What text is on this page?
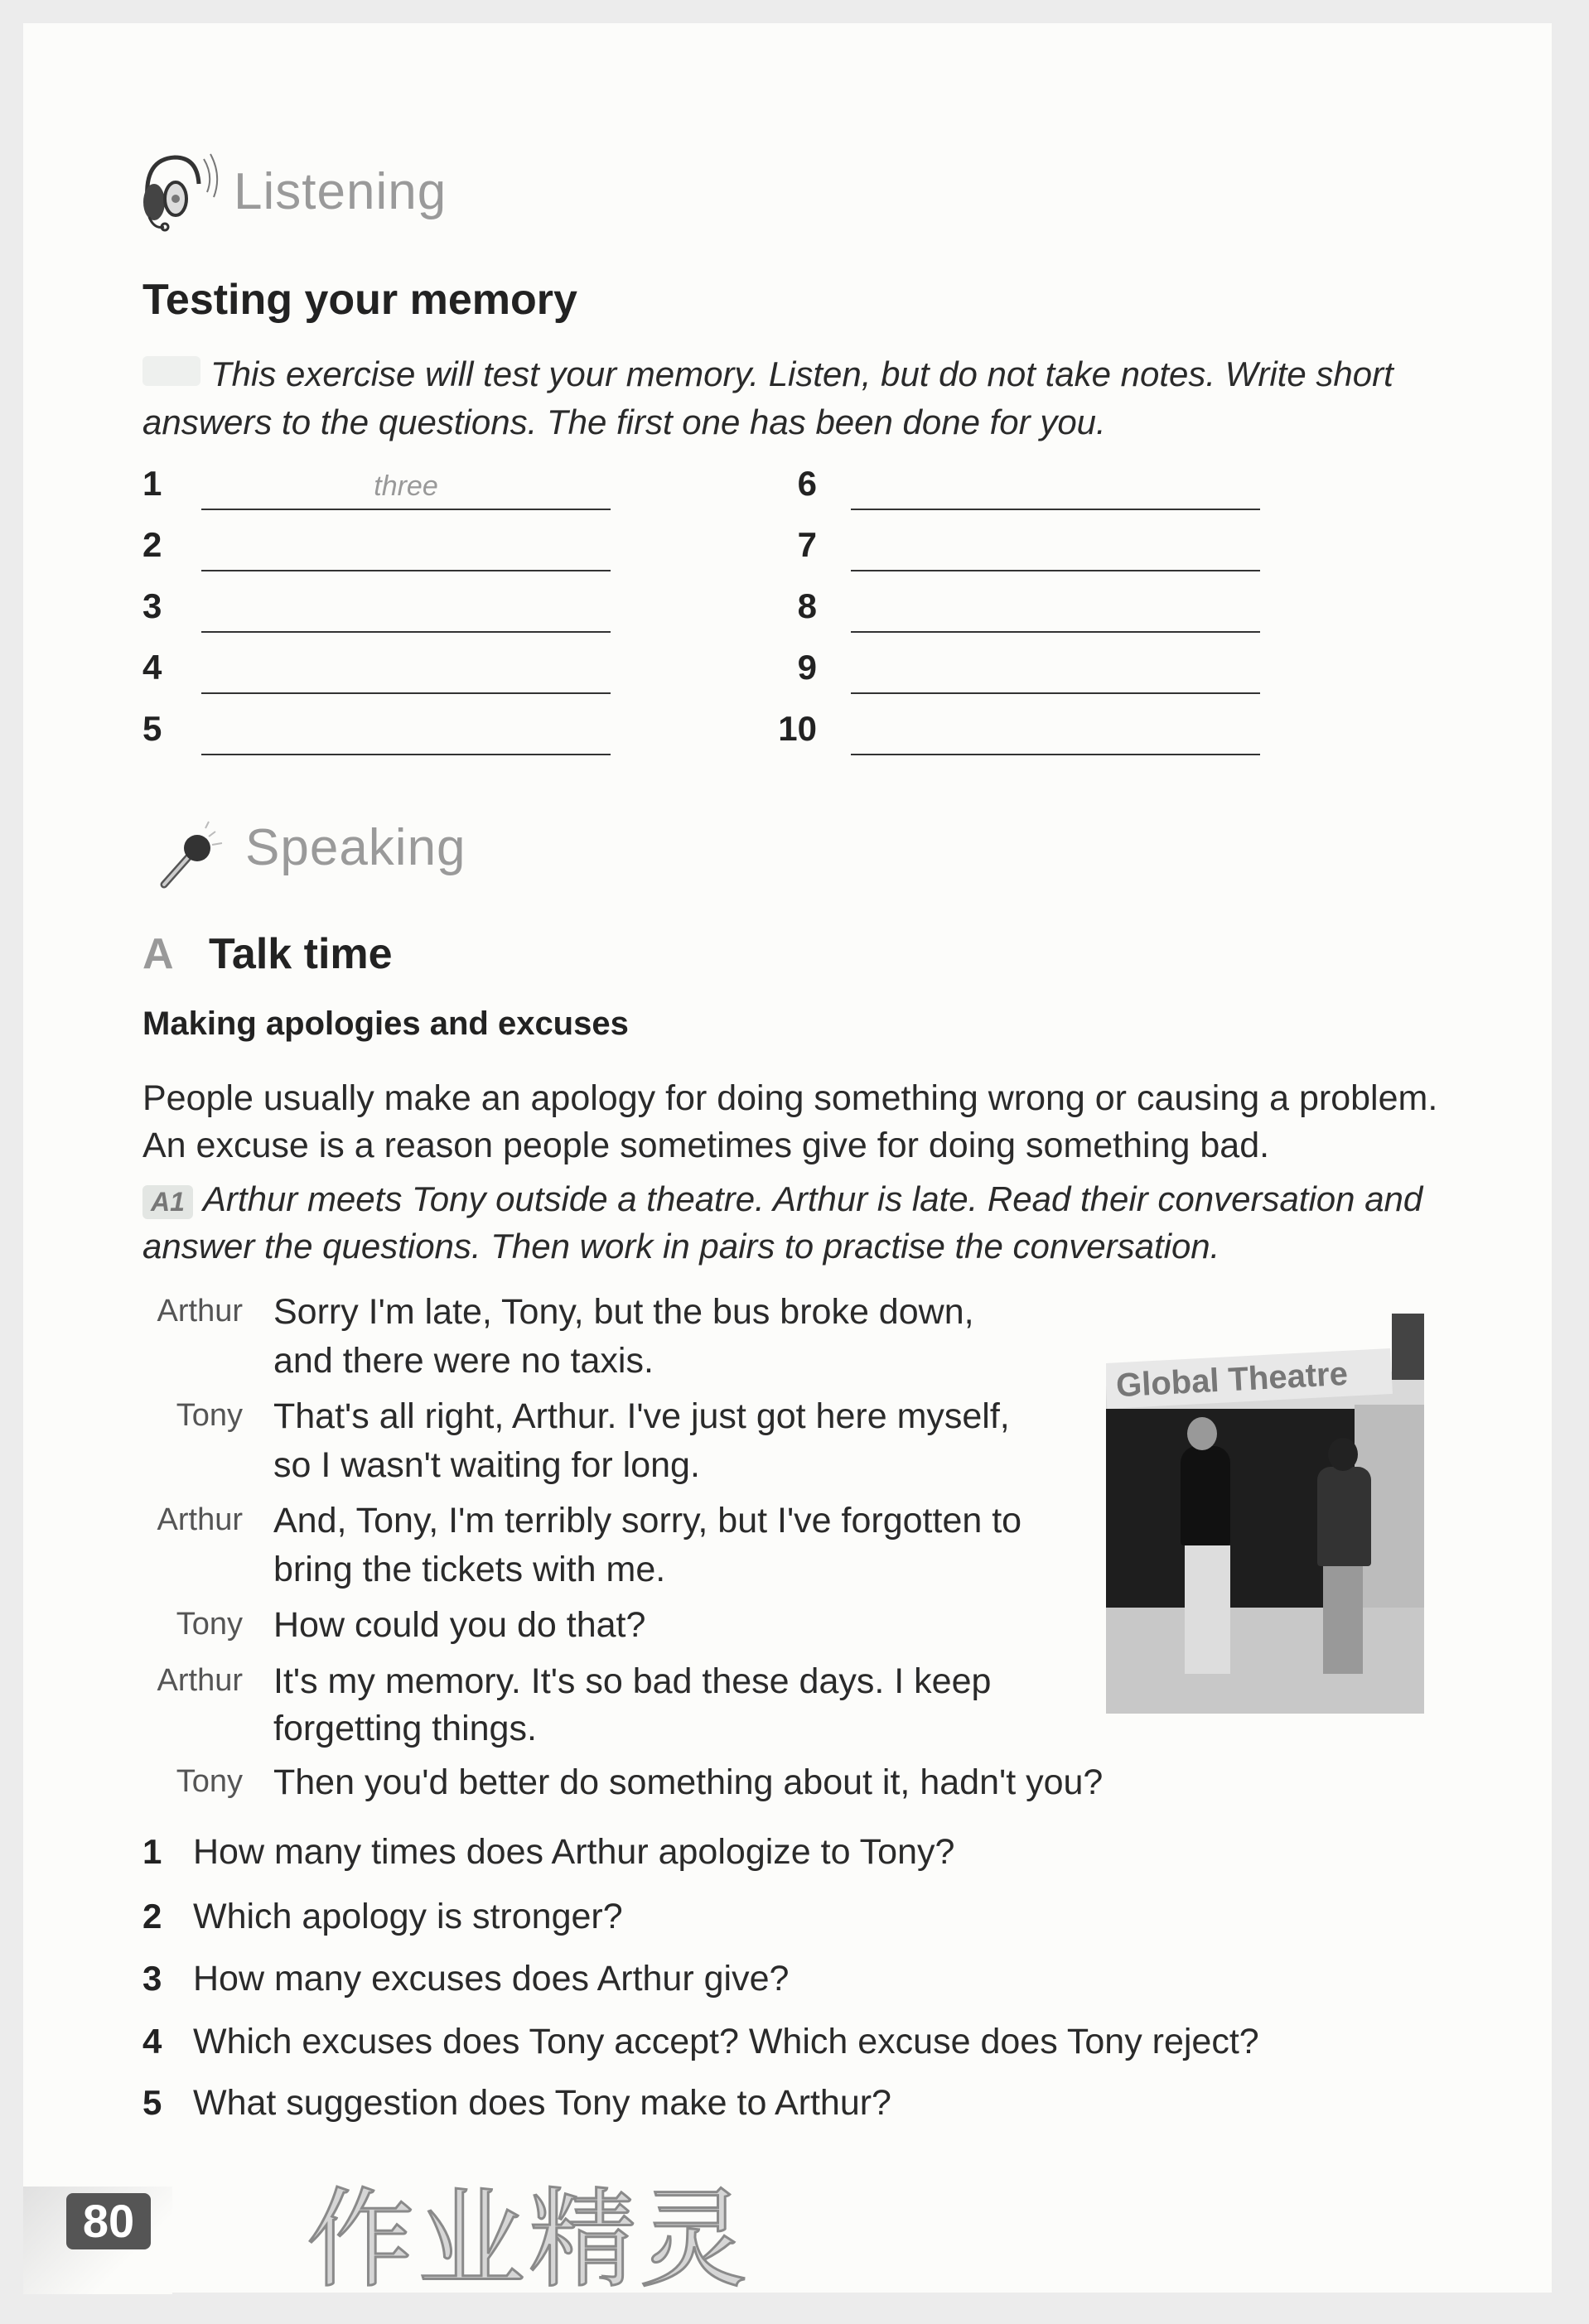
Listening
Testing your memory
This exercise will test your memory. Listen, but do not take notes. Write short
answers to the questions. The first one has been done for you.
1	three
2
3
4
5
6
7
8
9
10
Speaking
A Talk time
Making apologies and excuses
People usually make an apology for doing something wrong or causing a problem.
An excuse is a reason people sometimes give for doing something bad.
A1 Arthur meets Tony outside a theatre. Arthur is late. Read their conversation and
answer the questions. Then work in pairs to practise the conversation.
Arthur Sorry I'm late, Tony, but the bus broke down,
and there were no taxis.
Tony That's all right, Arthur. I've just got here myself,
so I wasn't waiting for long.
Arthur And, Tony, I'm terribly sorry, but I've forgotten to
bring the tickets with me.
Tony How could you do that?
Arthur It's my memory. It's so bad these days. I keep
forgetting things.
Tony Then you'd better do something about it, hadn't you?
Global Theatre
1 How many times does Arthur apologize to Tony?
2 Which apology is stronger?
3 How many excuses does Arthur give?
4 Which excuses does Tony accept? Which excuse does Tony reject?
5 What suggestion does Tony make to Arthur?
80 作业精灵
